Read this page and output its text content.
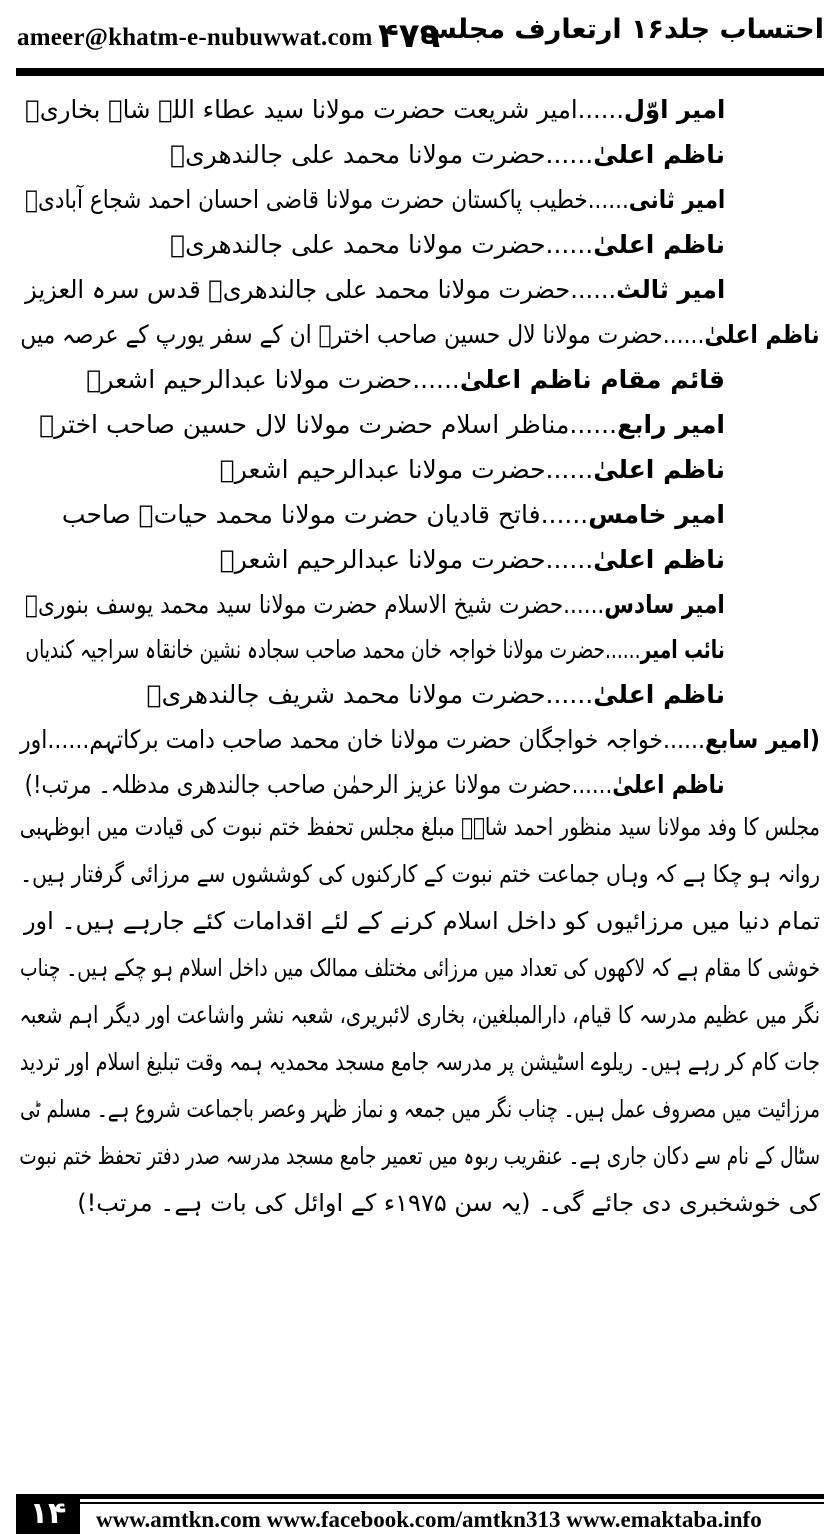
ameer@khatm-e-nubuwwat.com ۴۷۹
احتساب جلد۱۶ ارتعارف مجلس
امیر اوّل......امیر شریعت حضرت مولانا سید عطاء اللہ شاہ بخاریؒ
ناظم اعلیٰ......حضرت مولانا محمد علی جالندھریؒ
امیر ثانی......خطیب پاکستان حضرت مولانا قاضی احسان احمد شجاع آبادیؒ
ناظم اعلیٰ......حضرت مولانا محمد علی جالندھریؒ
امیر ثالث......حضرت مولانا محمد علی جالندھریؒ قدس سرہ العزیز
ناظم اعلیٰ......حضرت مولانا لال حسین صاحب اخترؒ ان کے سفر یورپ کے عرصہ میں
قائم مقام ناظم اعلیٰ......حضرت مولانا عبدالرحیم اشعرؒ
امیر رابع......مناظر اسلام حضرت مولانا لال حسین صاحب اخترؒ
ناظم اعلیٰ......حضرت مولانا عبدالرحیم اشعرؒ
امیر خامس......فاتح قادیان حضرت مولانا محمد حیاتؒ صاحب
ناظم اعلیٰ......حضرت مولانا عبدالرحیم اشعرؒ
امیر سادس......حضرت شیخ الاسلام حضرت مولانا سید محمد یوسف بنوریؒ
نائب امیر......حضرت مولانا خواجہ خان محمد صاحب سجادہ نشین خانقاہ سراجیہ کندیاں
ناظم اعلیٰ......حضرت مولانا محمد شریف جالندھریؒ
(امیر سابع......خواجہ خواجگان حضرت مولانا خان محمد صاحب دامت برکاتہم......اور
ناظم اعلیٰ......حضرت مولانا عزیز الرحمٰن صاحب جالندھری مدظلہ۔ مرتب!)
مجلس کا وفد مولانا سید منظور احمد شاہؒ مبلغ مجلس تحفظ ختم نبوت کی قیادت میں ابوظہبی
روانہ ہو چکا ہے کہ وہاں جماعت ختم نبوت کے کارکنوں کی کوششوں سے مرزائی گرفتار ہیں۔
تمام دنیا میں مرزائیوں کو داخل اسلام کرنے کے لئے اقدامات کئے جارہے ہیں۔ اور
خوشی کا مقام ہے کہ لاکھوں کی تعداد میں مرزائی مختلف ممالک میں داخل اسلام ہو چکے ہیں۔ چناب
نگر میں عظیم مدرسہ کا قیام، دارالمبلغین، بخاری لائبریری، شعبہ نشر واشاعت اور دیگر اہم شعبہ
جات کام کر رہے ہیں۔ ریلوے اسٹیشن پر مدرسہ جامع مسجد محمدیہ ہمہ وقت تبلیغ اسلام اور تردید
مرزائیت میں مصروف عمل ہیں۔ چناب نگر میں جمعہ و نماز ظہر وعصر باجماعت شروع ہے۔ مسلم ٹی
سٹال کے نام سے دکان جاری ہے۔ عنقریب ربوہ میں تعمیر جامع مسجد مدرسہ صدر دفتر تحفظ ختم نبوت
کی خوشخبری دی جائے گی۔ (یہ سن ۱۹۷۵ء کے اوائل کی بات ہے۔ مرتب!)
۱۴	www.amtkn.com www.facebook.com/amtkn313 www.emaktaba.info
